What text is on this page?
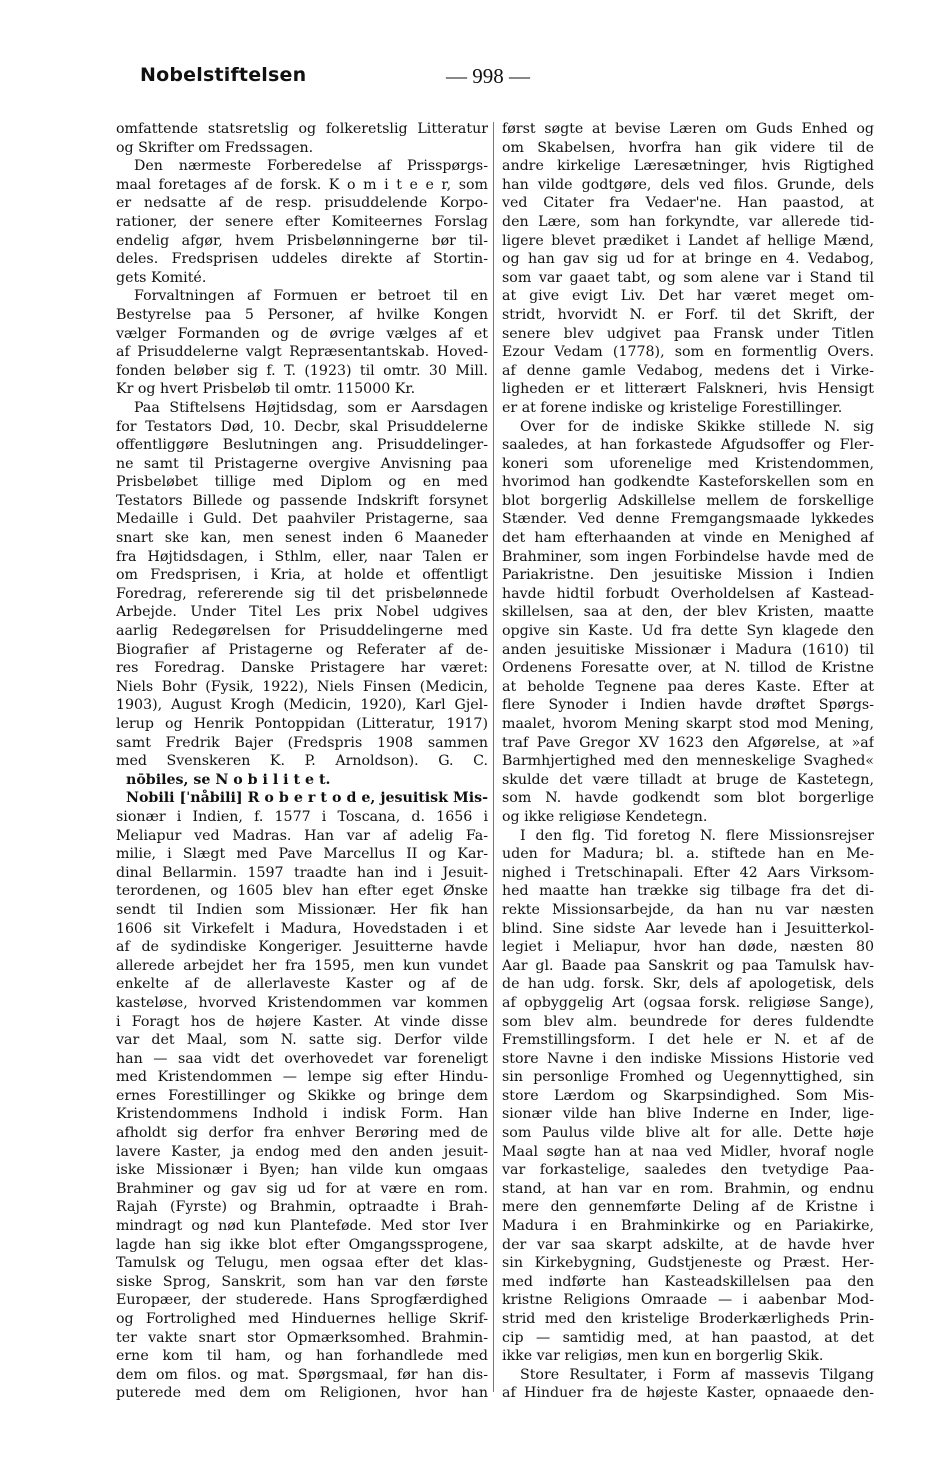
Nobelstiftelsen	— 998 —
omfattende statsretslig og folkeretslig Litteratur
og Skrifter om Fredssagen.
Den nærmeste Forberedelse af Prisspørgs-
maal foretages af de forsk. K o m i t e e r, som
er nedsatte af de resp. prisuddelende Korpo-
rationer, der senere efter Komiteernes Forslag
endelig afgør, hvem Prisbelønningerne bør til-
deles. Fredsprisen uddeles direkte af Stortin-
gets Komité.
Forvaltningen af Formuen er betroet til en
Bestyrelse paa 5 Personer, af hvilke Kongen
vælger Formanden og de øvrige vælges af et
af Prisuddelerne valgt Repræsentantskab. Hoved-
fonden beløber sig f. T. (1923) til omtr. 30 Mill.
Kr og hvert Prisbeløb til omtr. 115000 Kr.
Paa Stiftelsens Højtidsdag, som er Aarsdagen
for Testators Død, 10. Decbr, skal Prisuddelerne
offentliggøre Beslutningen ang. Prisuddelinger-
ne samt til Pristagerne overgive Anvisning paa
Prisbeløbet tillige med Diplom og en med
Testators Billede og passende Indskrift forsynet
Medaille i Guld. Det paahviler Pristagerne, saa
snart ske kan, men senest inden 6 Maaneder
fra Højtidsdagen, i Sthlm, eller, naar Talen er
om Fredsprisen, i Kria, at holde et offentligt
Foredrag, refererende sig til det prisbelønnede
Arbejde. Under Titel Les prix Nobel udgives
aarlig Redegørelsen for Prisuddelingerne med
Biografier af Pristagerne og Referater af de-
res Foredrag. Danske Pristagere har været:
Niels Bohr (Fysik, 1922), Niels Finsen (Medicin,
1903), August Krogh (Medicin, 1920), Karl Gjel-
lerup og Henrik Pontoppidan (Litteratur, 1917)
samt Fredrik Bajer (Fredspris 1908 sammen
med Svenskeren K. P. Arnoldson). G. C.
nōbiles, se N o b i l i t e t.
Nobili [ˈnåbili] R o b e r t o d e, jesuitisk Mis-
sionær i Indien, f. 1577 i Toscana, d. 1656 i
Meliapur ved Madras. Han var af adelig Fa-
milie, i Slægt med Pave Marcellus II og Kar-
dinal Bellarmin. 1597 traadte han ind i Jesuit-
terordenen, og 1605 blev han efter eget Ønske
sendt til Indien som Missionær. Her fik han
1606 sit Virkefelt i Madura, Hovedstaden i et
af de sydindiske Kongeriger. Jesuitterne havde
allerede arbejdet her fra 1595, men kun vundet
enkelte af de allerlaveste Kaster og af de
kasteløse, hvorved Kristendommen var kommen
i Foragt hos de højere Kaster. At vinde disse
var det Maal, som N. satte sig. Derfor vilde
han — saa vidt det overhovedet var foreneligt
med Kristendommen — lempe sig efter Hindu-
ernes Forestillinger og Skikke og bringe dem
Kristendommens Indhold i indisk Form. Han
afholdt sig derfor fra enhver Berøring med de
lavere Kaster, ja endog med den anden jesuit-
iske Missionær i Byen; han vilde kun omgaas
Brahminer og gav sig ud for at være en rom.
Rajah (Fyrste) og Brahmin, optraadte i Brah-
mindragt og nød kun Planteføde. Med stor Iver
lagde han sig ikke blot efter Omgangssprogene,
Tamulsk og Telugu, men ogsaa efter det klas-
siske Sprog, Sanskrit, som han var den første
Europæer, der studerede. Hans Sprogfærdighed
og Fortrolighed med Hinduernes hellige Skrif-
ter vakte snart stor Opmærksomhed. Brahmin-
erne kom til ham, og han forhandlede med
dem om filos. og mat. Spørgsmaal, før han dis-
puterede med dem om Religionen, hvor han
først søgte at bevise Læren om Guds Enhed og
om Skabelsen, hvorfra han gik videre til de
andre kirkelige Læresætninger, hvis Rigtighed
han vilde godtgøre, dels ved filos. Grunde, dels
ved Citater fra Vedaer'ne. Han paastod, at
den Lære, som han forkyndte, var allerede tid-
ligere blevet prædiket i Landet af hellige Mænd,
og han gav sig ud for at bringe en 4. Vedabog,
som var gaaet tabt, og som alene var i Stand til
at give evigt Liv. Det har været meget om-
stridt, hvorvidt N. er Forf. til det Skrift, der
senere blev udgivet paa Fransk under Titlen
Ezour Vedam (1778), som en formentlig Overs.
af denne gamle Vedabog, medens det i Virke-
ligheden er et litterært Falskneri, hvis Hensigt
er at forene indiske og kristelige Forestillinger.
Over for de indiske Skikke stillede N. sig
saaledes, at han forkastede Afgudsoffer og Fler-
koneri som uforenelige med Kristendommen,
hvorimod han godkendte Kasteforskellen som en
blot borgerlig Adskillelse mellem de forskellige
Stænder. Ved denne Fremgangsmaade lykkedes
det ham efterhaanden at vinde en Menighed af
Brahminer, som ingen Forbindelse havde med de
Pariakristne. Den jesuitiske Mission i Indien
havde hidtil forbudt Overholdelsen af Kastead-
skillelsen, saa at den, der blev Kristen, maatte
opgive sin Kaste. Ud fra dette Syn klagede den
anden jesuitiske Missionær i Madura (1610) til
Ordenens Foresatte over, at N. tillod de Kristne
at beholde Tegnene paa deres Kaste. Efter at
flere Synoder i Indien havde drøftet Spørgs-
maalet, hvorom Mening skarpt stod mod Mening,
traf Pave Gregor XV 1623 den Afgørelse, at »af
Barmhjertighed med den menneskelige Svaghed«
skulde det være tilladt at bruge de Kastetegn,
som N. havde godkendt som blot borgerlige
og ikke religiøse Kendetegn.
I den flg. Tid foretog N. flere Missionsrejser
uden for Madura; bl. a. stiftede han en Me-
nighed i Tretschinapali. Efter 42 Aars Virksom-
hed maatte han trække sig tilbage fra det di-
rekte Missionsarbejde, da han nu var næsten
blind. Sine sidste Aar levede han i Jesuitterkol-
legiet i Meliapur, hvor han døde, næsten 80
Aar gl. Baade paa Sanskrit og paa Tamulsk hav-
de han udg. forsk. Skr, dels af apologetisk, dels
af opbyggelig Art (ogsaa forsk. religiøse Sange),
som blev alm. beundrede for deres fuldendte
Fremstillingsform. I det hele er N. et af de
store Navne i den indiske Missions Historie ved
sin personlige Fromhed og Uegennyttighed, sin
store Lærdom og Skarpsindighed. Som Mis-
sionær vilde han blive Inderne en Inder, lige-
som Paulus vilde blive alt for alle. Dette høje
Maal søgte han at naa ved Midler, hvoraf nogle
var forkastelige, saaledes den tvetydige Paa-
stand, at han var en rom. Brahmin, og endnu
mere den gennemførte Deling af de Kristne i
Madura i en Brahminkirke og en Pariakirke,
der var saa skarpt adskilte, at de havde hver
sin Kirkebygning, Gudstjeneste og Præst. Her-
med indførte han Kasteadskillelsen paa den
kristne Religions Omraade — i aabenbar Mod-
strid med den kristelige Broderkærligheds Prin-
cip — samtidig med, at han paastod, at det
ikke var religiøs, men kun en borgerlig Skik.
Store Resultater, i Form af massevis Tilgang
af Hinduer fra de højeste Kaster, opnaaede den-
